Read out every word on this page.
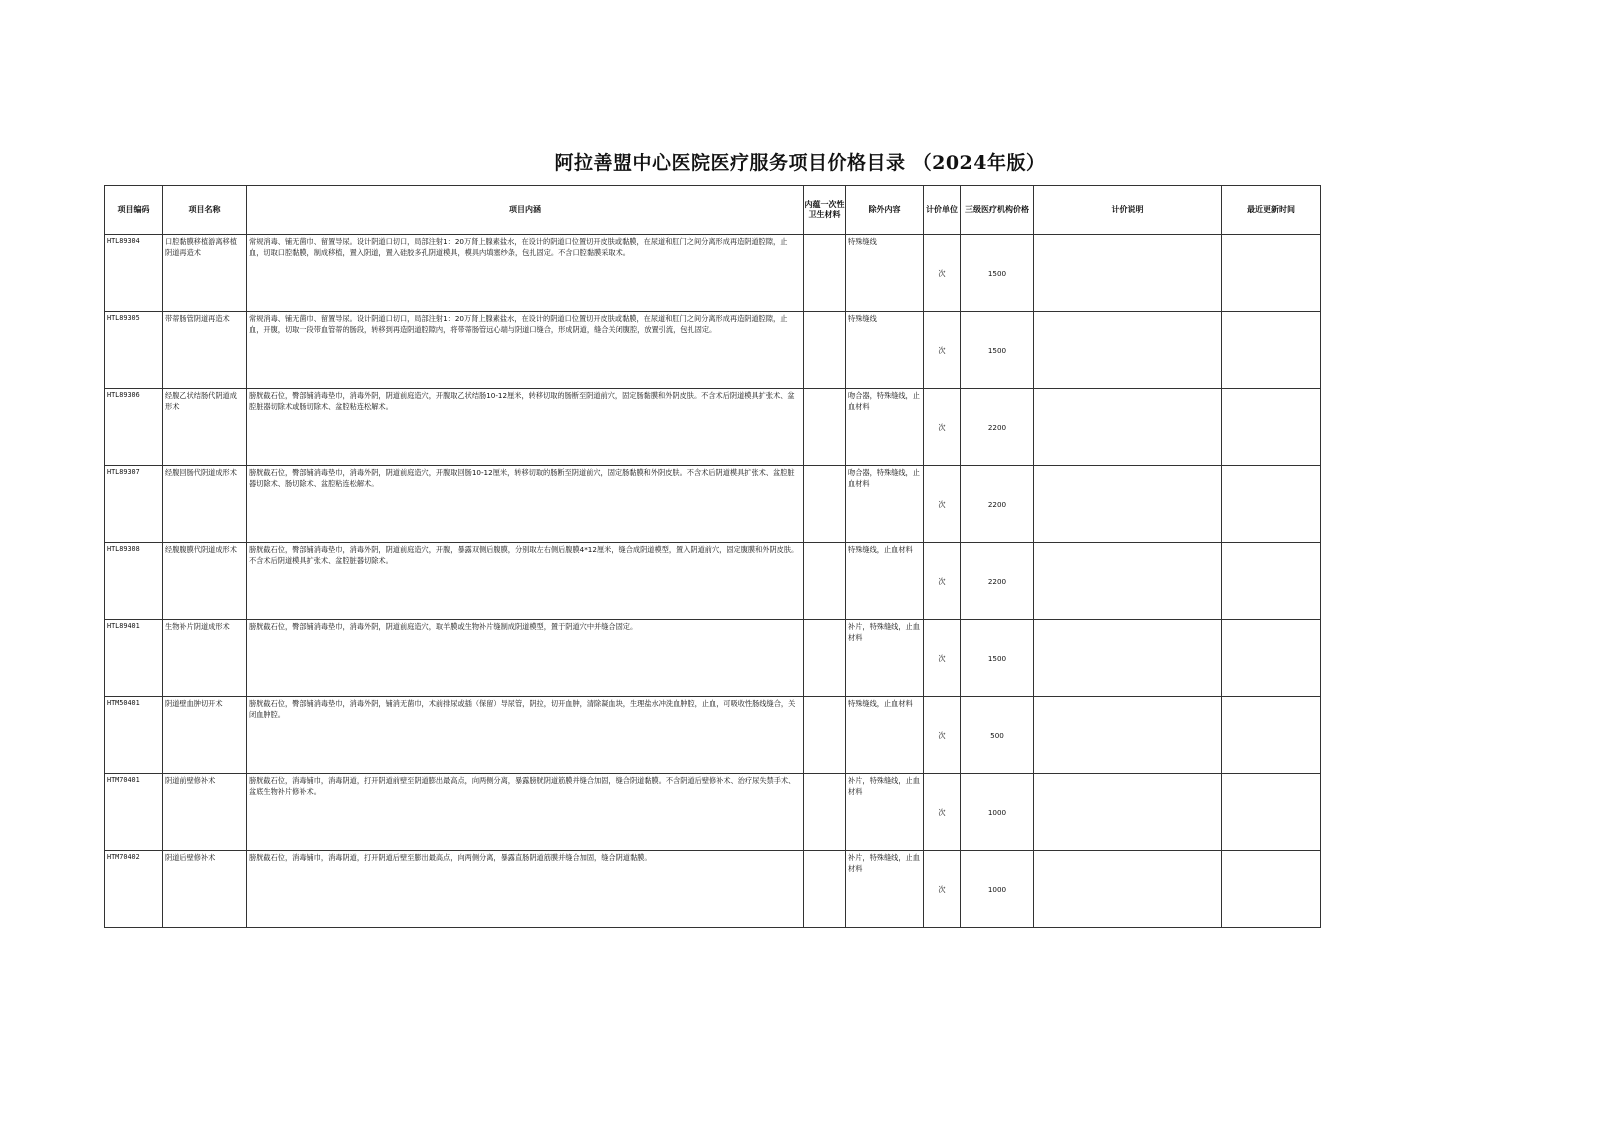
阿拉善盟中心医院医疗服务项目价格目录 （2024年版）
项目编码	项目名称	项目内涵	内蕴一次性卫生材料	除外内容	计价单位	三级医疗机构价格	计价说明	最近更新时间
HTL89304	口腔黏膜移植游离移植阴道再造术	常规消毒、铺无菌巾、留置导尿。设计阴道口切口，局部注射1：20万肾上腺素盐水，在设计的阴道口位置切开皮肤或黏膜，在尿道和肛门之间分离形成再造阴道腔隙，止血，切取口腔黏膜，制成移植，置入阴道，置入硅胶多孔阴道模具，模具内填塞纱条，包扎固定。不含口腔黏膜采取术。		特殊缝线	次	1500		
HTL89305	带蒂肠管阴道再造术	常规消毒、铺无菌巾、留置导尿。设计阴道口切口，局部注射1：20万肾上腺素盐水，在设计的阴道口位置切开皮肤或黏膜，在尿道和肛门之间分离形成再造阴道腔隙，止血，开腹，切取一段带血管蒂的肠段，转移到再造阴道腔隙内，将带蒂肠管远心端与阴道口缝合，形成阴道，缝合关闭腹腔，放置引流，包扎固定。		特殊缝线	次	1500		
HTL89306	经腹乙状结肠代阴道成形术	膀胱截石位，臀部铺消毒垫巾，消毒外阴，阴道前庭造穴，开腹取乙状结肠10-12厘米，转移切取的肠断至阴道前穴，固定肠黏膜和外阴皮肤。不含术后阴道模具扩张术、盆腔脏器切除术或肠切除术、盆腔粘连松解术。		吻合器，特殊缝线，止血材料	次	2200		
HTL89307	经腹回肠代阴道成形术	膀胱截石位，臀部铺消毒垫巾，消毒外阴，阴道前庭造穴，开腹取回肠10-12厘米，转移切取的肠断至阴道前穴，固定肠黏膜和外阴皮肤。不含术后阴道模具扩张术、盆腔脏器切除术、肠切除术、盆腔粘连松解术。		吻合器，特殊缝线，止血材料	次	2200		
HTL89308	经腹腹膜代阴道成形术	膀胱截石位，臀部铺消毒垫巾，消毒外阴，阴道前庭造穴，开腹，暴露双侧后腹膜，分别取左右侧后腹膜4*12厘米，缝合成阴道模型，置入阴道前穴，固定腹膜和外阴皮肤。不含术后阴道模具扩张术、盆腔脏器切除术。		特殊缝线，止血材料	次	2200		
HTL89401	生物补片阴道成形术	膀胱截石位，臀部铺消毒垫巾，消毒外阴，阴道前庭造穴，取羊膜或生物补片缝制成阴道模型，置于阴道穴中并缝合固定。		补片，特殊缝线，止血材料	次	1500		
HTM50401	阴道壁血肿切开术	膀胱截石位，臀部铺消毒垫巾，消毒外阴，铺消无菌巾，术前排尿或插（保留）导尿管，阴拉，切开血肿，清除凝血块，生理盐水冲洗血肿腔，止血，可吸收性肠线缝合，关闭血肿腔。		特殊缝线，止血材料	次	500		
HTM70401	阴道前壁修补术	膀胱截石位，消毒铺巾，消毒阴道，打开阴道前壁至阴道膨出最高点，向两侧分离，暴露膀胱阴道筋膜并缝合加固，缝合阴道黏膜。不含阴道后壁修补术、治疗尿失禁手术、盆底生物补片修补术。		补片，特殊缝线，止血材料	次	1000		
HTM70402	阴道后壁修补术	膀胱截石位，消毒铺巾，消毒阴道，打开阴道后壁至膨出最高点，向两侧分离，暴露直肠阴道筋膜并缝合加固，缝合阴道黏膜。		补片，特殊缝线，止血材料	次	1000		
